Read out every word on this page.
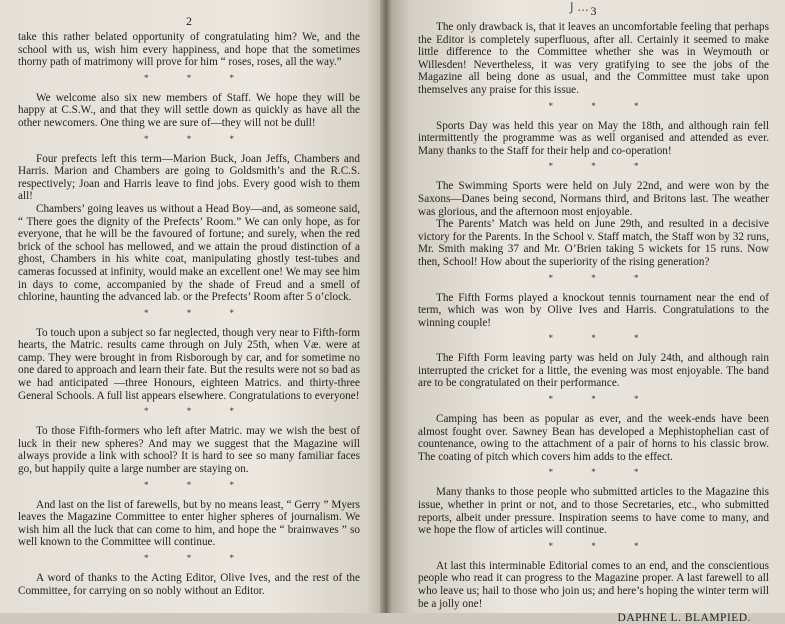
2

take this rather belated opportunity of congratulating him? We, and the school with us, wish him every happiness, and hope that the sometimes thorny path of matrimony will prove for him “ roses, roses, all the way.”

* * *

We welcome also six new members of Staff. We hope they will be happy at C.S.W., and that they will settle down as quickly as have all the other newcomers. One thing we are sure of—they will not be dull!

* * *

Four prefects left this term—Marion Buck, Joan Jeffs, Chambers and Harris. Marion and Chambers are going to Goldsmith’s and the R.C.S. respectively; Joan and Harris leave to find jobs. Every good wish to them all!

Chambers’ going leaves us without a Head Boy—and, as someone said, “ There goes the dignity of the Prefects’ Room.” We can only hope, as for everyone, that he will be the favoured of fortune; and surely, when the red brick of the school has mellowed, and we attain the proud distinction of a ghost, Chambers in his white coat, manipulating ghostly test-tubes and cameras focussed at infinity, would make an excellent one! We may see him in days to come, accompanied by the shade of Freud and a smell of chlorine, haunting the advanced lab. or the Prefects’ Room after 5 o’clock.

* * *

To touch upon a subject so far neglected, though very near to Fifth-form hearts, the Matric. results came through on July 25th, when Væ. were at camp. They were brought in from Risborough by car, and for sometime no one dared to approach and learn their fate. But the results were not so bad as we had anticipated —three Honours, eighteen Matrics. and thirty-three General Schools. A full list appears elsewhere. Congratulations to everyone!

* * *

To those Fifth-formers who left after Matric. may we wish the best of luck in their new spheres? And may we suggest that the Magazine will always provide a link with school? It is hard to see so many familiar faces go, but happily quite a large number are staying on.

* * *

And last on the list of farewells, but by no means least, “ Gerry ” Myers leaves the Magazine Committee to enter higher spheres of journalism. We wish him all the luck that can come to him, and hope the “ brainwaves ” so well known to the Committee will continue.

* * *

A word of thanks to the Acting Editor, Olive Ives, and the rest of the Committee, for carrying on so nobly without an Editor.

3

The only drawback is, that it leaves an uncomfortable feeling that perhaps the Editor is completely superfluous, after all. Certainly it seemed to make little difference to the Committee whether she was in Weymouth or Willesden! Nevertheless, it was very gratifying to see the jobs of the Magazine all being done as usual, and the Committee must take upon themselves any praise for this issue.

* * *

Sports Day was held this year on May the 18th, and although rain fell intermittently the programme was as well organised and attended as ever. Many thanks to the Staff for their help and co-operation!

* * *

The Swimming Sports were held on July 22nd, and were won by the Saxons—Danes being second, Normans third, and Britons last. The weather was glorious, and the afternoon most enjoyable.

The Parents’ Match was held on June 29th, and resulted in a decisive victory for the Parents. In the School v. Staff match, the Staff won by 32 runs, Mr. Smith making 37 and Mr. O’Brien taking 5 wickets for 15 runs. Now then, School! How about the superiority of the rising generation?

* * *

The Fifth Forms played a knockout tennis tournament near the end of term, which was won by Olive Ives and Harris. Congratulations to the winning couple!

* * *

The Fifth Form leaving party was held on July 24th, and although rain interrupted the cricket for a little, the evening was most enjoyable. The band are to be congratulated on their performance.

* * *

Camping has been as popular as ever, and the week-ends have been almost fought over. Sawney Bean has developed a Mephistophelian cast of countenance, owing to the attachment of a pair of horns to his classic brow. The coating of pitch which covers him adds to the effect.

* * *

Many thanks to those people who submitted articles to the Magazine this issue, whether in print or not, and to those Secretaries, etc., who submitted reports, albeit under pressure. Inspiration seems to have come to many, and we hope the flow of articles will continue.

* * *

At last this interminable Editorial comes to an end, and the conscientious people who read it can progress to the Magazine proper. A last farewell to all who leave us; hail to those who join us; and here’s hoping the winter term will be a jolly one!

DAPHNE L. BLAMPIED.
J ...
